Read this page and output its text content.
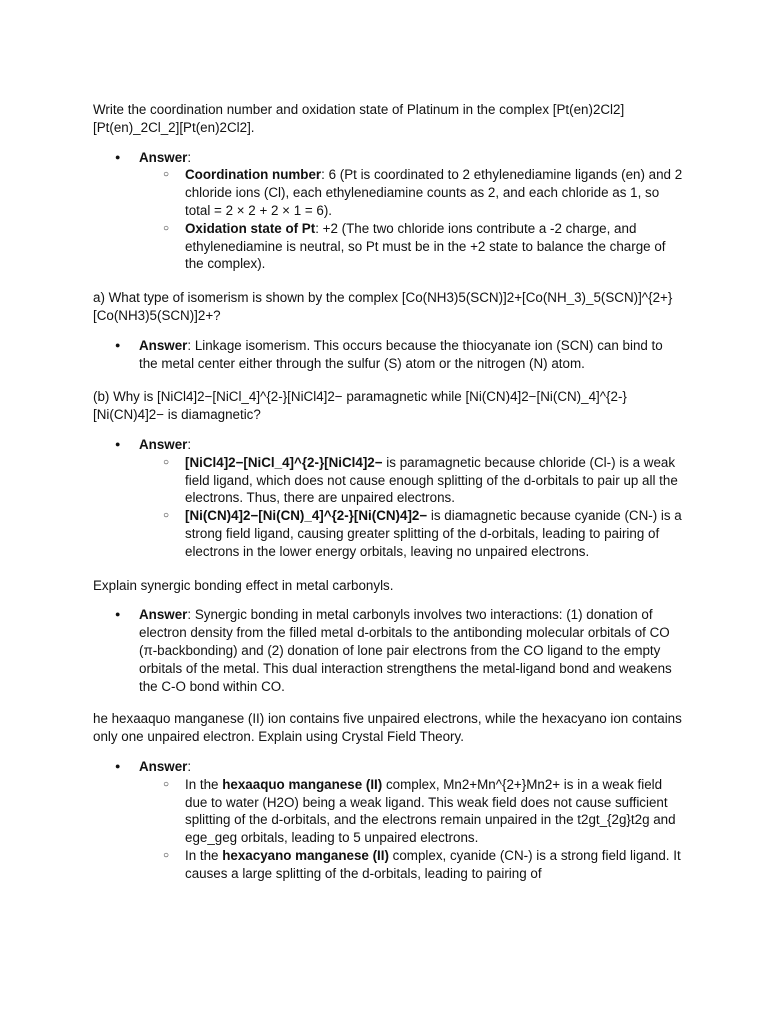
Write the coordination number and oxidation state of Platinum in the complex [Pt(en)2Cl2][Pt(en)_2Cl_2][Pt(en)2Cl2].

● Answer:
○ Coordination number: 6 (Pt is coordinated to 2 ethylenediamine ligands (en) and 2 chloride ions (Cl), each ethylenediamine counts as 2, and each chloride as 1, so total = 2 × 2 + 2 × 1 = 6).
○ Oxidation state of Pt: +2 (The two chloride ions contribute a -2 charge, and ethylenediamine is neutral, so Pt must be in the +2 state to balance the charge of the complex).

a) What type of isomerism is shown by the complex [Co(NH3)5(SCN)]2+[Co(NH_3)_5(SCN)]^{2+}[Co(NH3)5(SCN)]2+?

● Answer: Linkage isomerism. This occurs because the thiocyanate ion (SCN) can bind to the metal center either through the sulfur (S) atom or the nitrogen (N) atom.

(b) Why is [NiCl4]2−[NiCl_4]^{2-}[NiCl4]2− paramagnetic while [Ni(CN)4]2−[Ni(CN)_4]^{2-}[Ni(CN)4]2− is diamagnetic?

● Answer:
○ [NiCl4]2−[NiCl_4]^{2-}[NiCl4]2− is paramagnetic because chloride (Cl-) is a weak field ligand, which does not cause enough splitting of the d-orbitals to pair up all the electrons. Thus, there are unpaired electrons.
○ [Ni(CN)4]2−[Ni(CN)_4]^{2-}[Ni(CN)4]2− is diamagnetic because cyanide (CN-) is a strong field ligand, causing greater splitting of the d-orbitals, leading to pairing of electrons in the lower energy orbitals, leaving no unpaired electrons.

Explain synergic bonding effect in metal carbonyls.

● Answer: Synergic bonding in metal carbonyls involves two interactions: (1) donation of electron density from the filled metal d-orbitals to the antibonding molecular orbitals of CO (π-backbonding) and (2) donation of lone pair electrons from the CO ligand to the empty orbitals of the metal. This dual interaction strengthens the metal-ligand bond and weakens the C-O bond within CO.

he hexaaquo manganese (II) ion contains five unpaired electrons, while the hexacyano ion contains only one unpaired electron. Explain using Crystal Field Theory.

● Answer:
○ In the hexaaquo manganese (II) complex, Mn2+Mn^{2+}Mn2+ is in a weak field due to water (H2O) being a weak ligand. This weak field does not cause sufficient splitting of the d-orbitals, and the electrons remain unpaired in the t2gt_{2g}t2g and ege_geg orbitals, leading to 5 unpaired electrons.
○ In the hexacyano manganese (II) complex, cyanide (CN-) is a strong field ligand. It causes a large splitting of the d-orbitals, leading to pairing of
